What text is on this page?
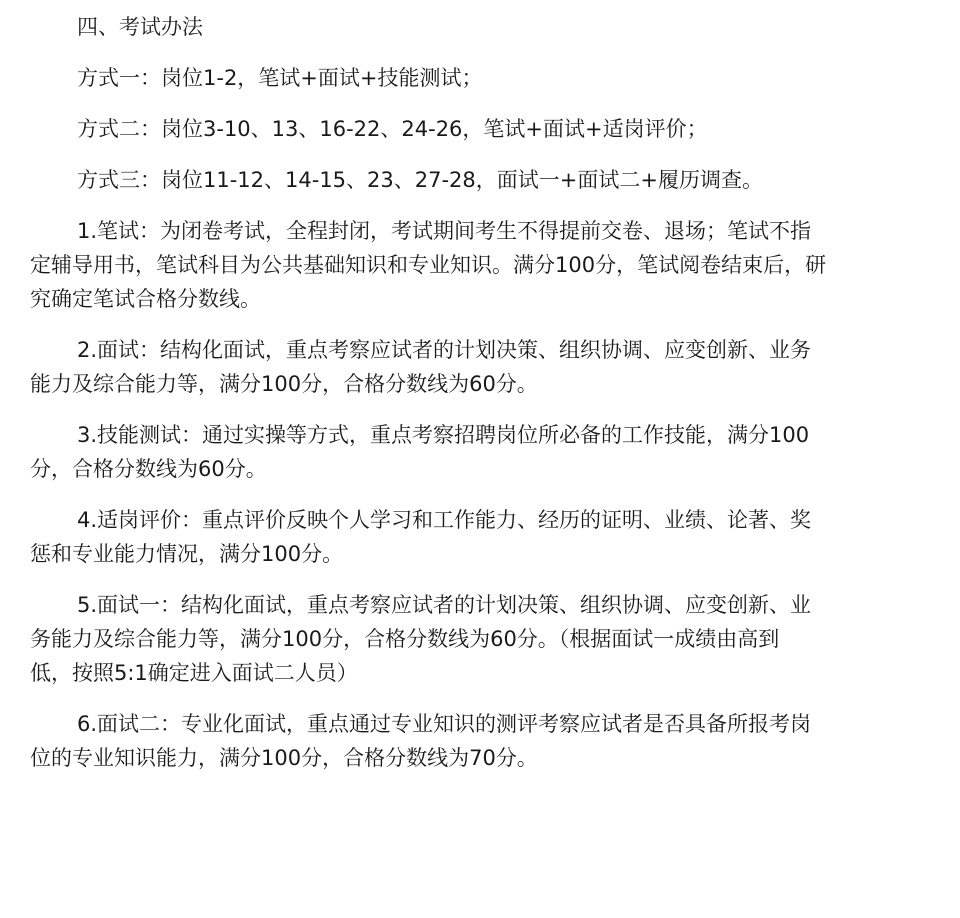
四、考试办法

方式一：岗位1-2，笔试+面试+技能测试；

方式二：岗位3-10、13、16-22、24-26，笔试+面试+适岗评价；

方式三：岗位11-12、14-15、23、27-28，面试一+面试二+履历调查。

1.笔试：为闭卷考试，全程封闭，考试期间考生不得提前交卷、退场；笔试不指

定辅导用书，笔试科目为公共基础知识和专业知识。满分100分，笔试阅卷结束后，研

究确定笔试合格分数线。

2.面试：结构化面试，重点考察应试者的计划决策、组织协调、应变创新、业务

能力及综合能力等，满分100分，合格分数线为60分。

3.技能测试：通过实操等方式，重点考察招聘岗位所必备的工作技能，满分100

分，合格分数线为60分。

4.适岗评价：重点评价反映个人学习和工作能力、经历的证明、业绩、论著、奖

惩和专业能力情况，满分100分。

5.面试一：结构化面试，重点考察应试者的计划决策、组织协调、应变创新、业

务能力及综合能力等，满分100分，合格分数线为60分。（根据面试一成绩由高到

低，按照5:1确定进入面试二人员）

6.面试二：专业化面试，重点通过专业知识的测评考察应试者是否具备所报考岗

位的专业知识能力，满分100分，合格分数线为70分。
